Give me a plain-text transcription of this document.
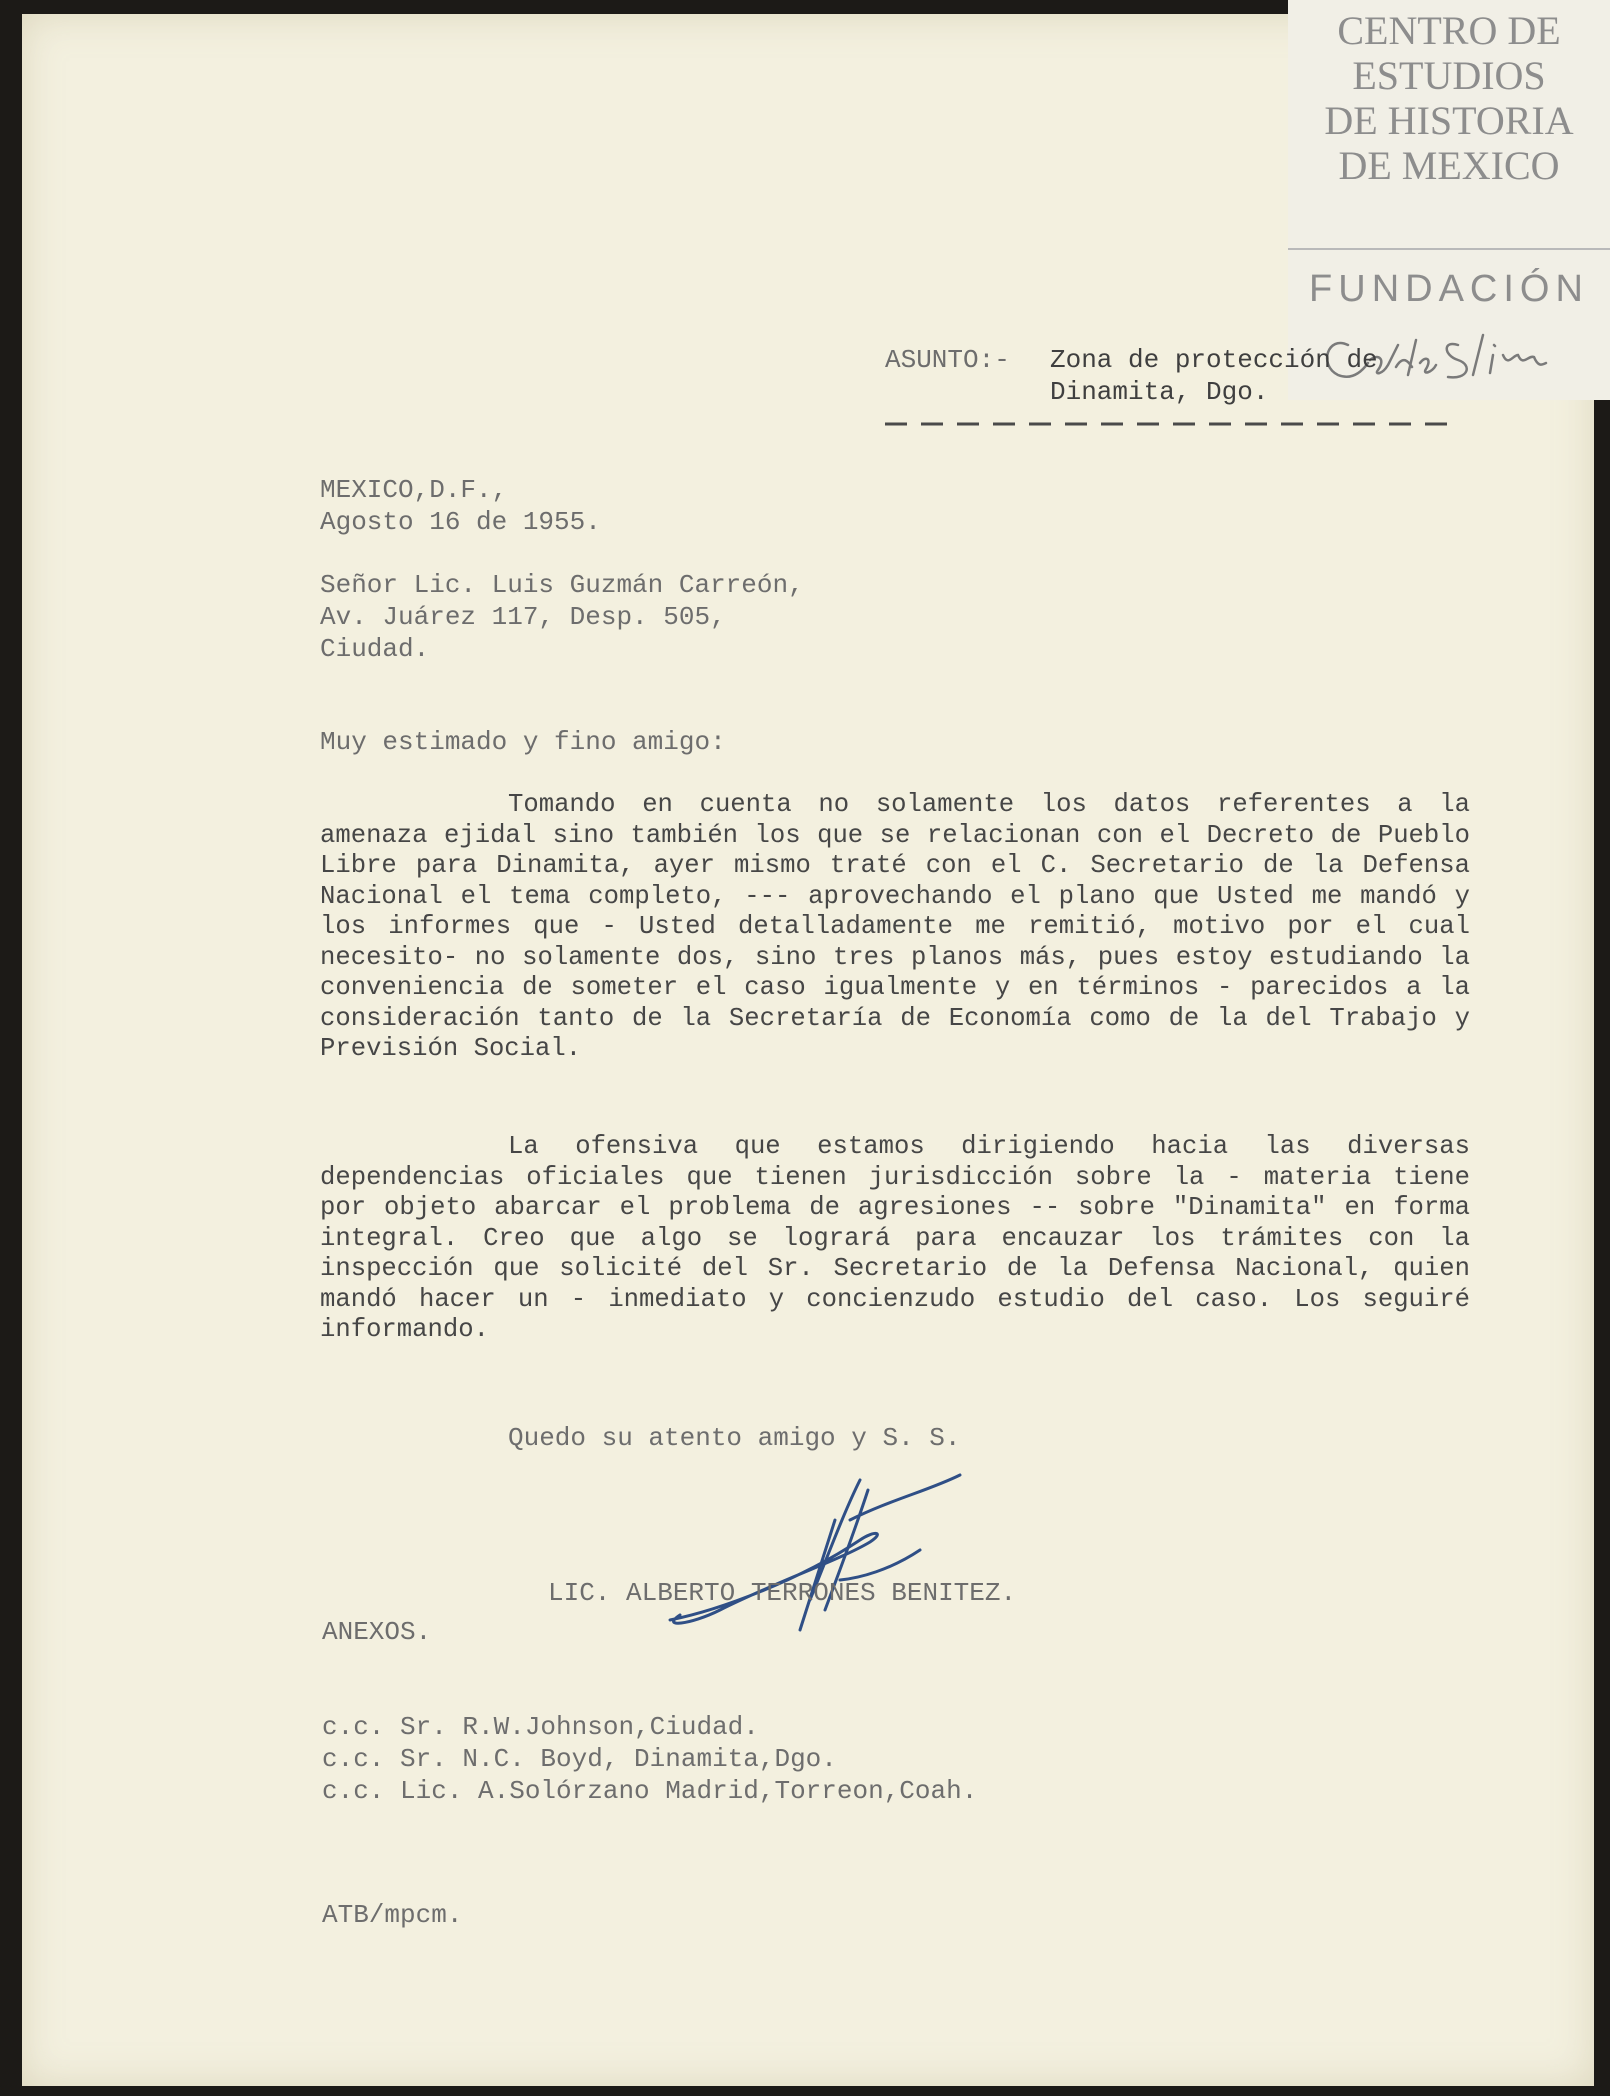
CENTRO DE
ESTUDIOS
DE HISTORIA
DE MEXICO
FUNDACIÓN
ASUNTO:- Zona de protección de
Dinamita, Dgo.
MEXICO,D.F.,
Agosto 16 de 1955.
Señor Lic. Luis Guzmán Carreón,
Av. Juárez 117, Desp. 505,
Ciudad.
Muy estimado y fino amigo:
Tomando en cuenta no solamente los datos referentes a la amenaza ejidal sino también los que se relacionan con el Decreto de Pueblo Libre para Dinamita, ayer mismo traté con el C. Secretario de la Defensa Nacional el tema completo, --- aprovechando el plano que Usted me mandó y los informes que - Usted detalladamente me remitió, motivo por el cual necesito- no solamente dos, sino tres planos más, pues estoy estudiando la conveniencia de someter el caso igualmente y en términos - parecidos a la consideración tanto de la Secretaría de Economía como de la del Trabajo y Previsión Social.
La ofensiva que estamos dirigiendo hacia las diversas dependencias oficiales que tienen jurisdicción sobre la - materia tiene por objeto abarcar el problema de agresiones -- sobre "Dinamita" en forma integral. Creo que algo se logrará para encauzar los trámites con la inspección que solicité del Sr. Secretario de la Defensa Nacional, quien mandó hacer un - inmediato y concienzudo estudio del caso. Los seguiré informando.
Quedo su atento amigo y S. S.
LIC. ALBERTO TERRONES BENITEZ.
ANEXOS.
c.c. Sr. R.W.Johnson,Ciudad.
c.c. Sr. N.C. Boyd, Dinamita,Dgo.
c.c. Lic. A.Solórzano Madrid,Torreon,Coah.
ATB/mpcm.
